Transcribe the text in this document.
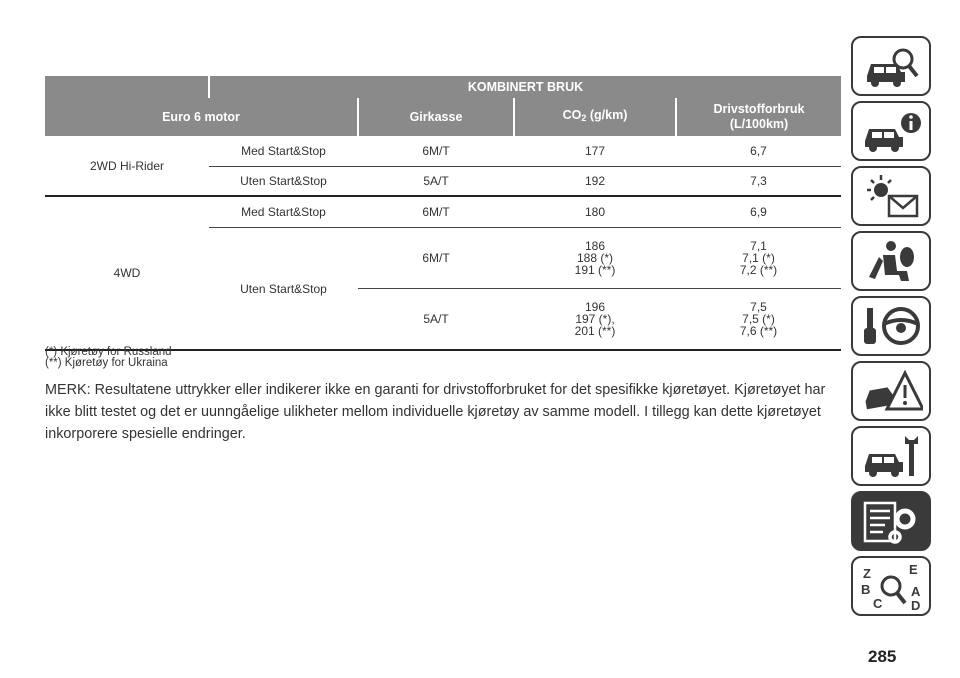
	KOMBINERT BRUK			
Euro 6 motor		Girkasse	$CO_2$ (g/km)	Drivstofforbruk
(L/100km)
2WD Hi-Rider	Med Start&Stop	6M/T	177	6,7
	Uten Start&Stop	5A/T	192	7,3
4WD	Med Start&Stop	6M/T	180	6,9
	Uten Start&Stop	6M/T	186
188 (*)
191 (**)	7,1
7,1 (*)
7,2 (**)
		5A/T	196
197 (*),
201 (**)	7,5
7,5 (*)
7,6 (**)
(*) Kjøretøy for Russland
(**) Kjøretøy for Ukraina
MERK: Resultatene uttrykker eller indikerer ikke en garanti for drivstofforbruket for det spesifikke kjøretøyet. Kjøretøyet har ikke blitt testet og det er uunngåelige ulikheter mellom individuelle kjøretøy av samme modell. I tillegg kan dette kjøretøyet inkorporere spesielle endringer.
Z	E
B	A
C D
285
